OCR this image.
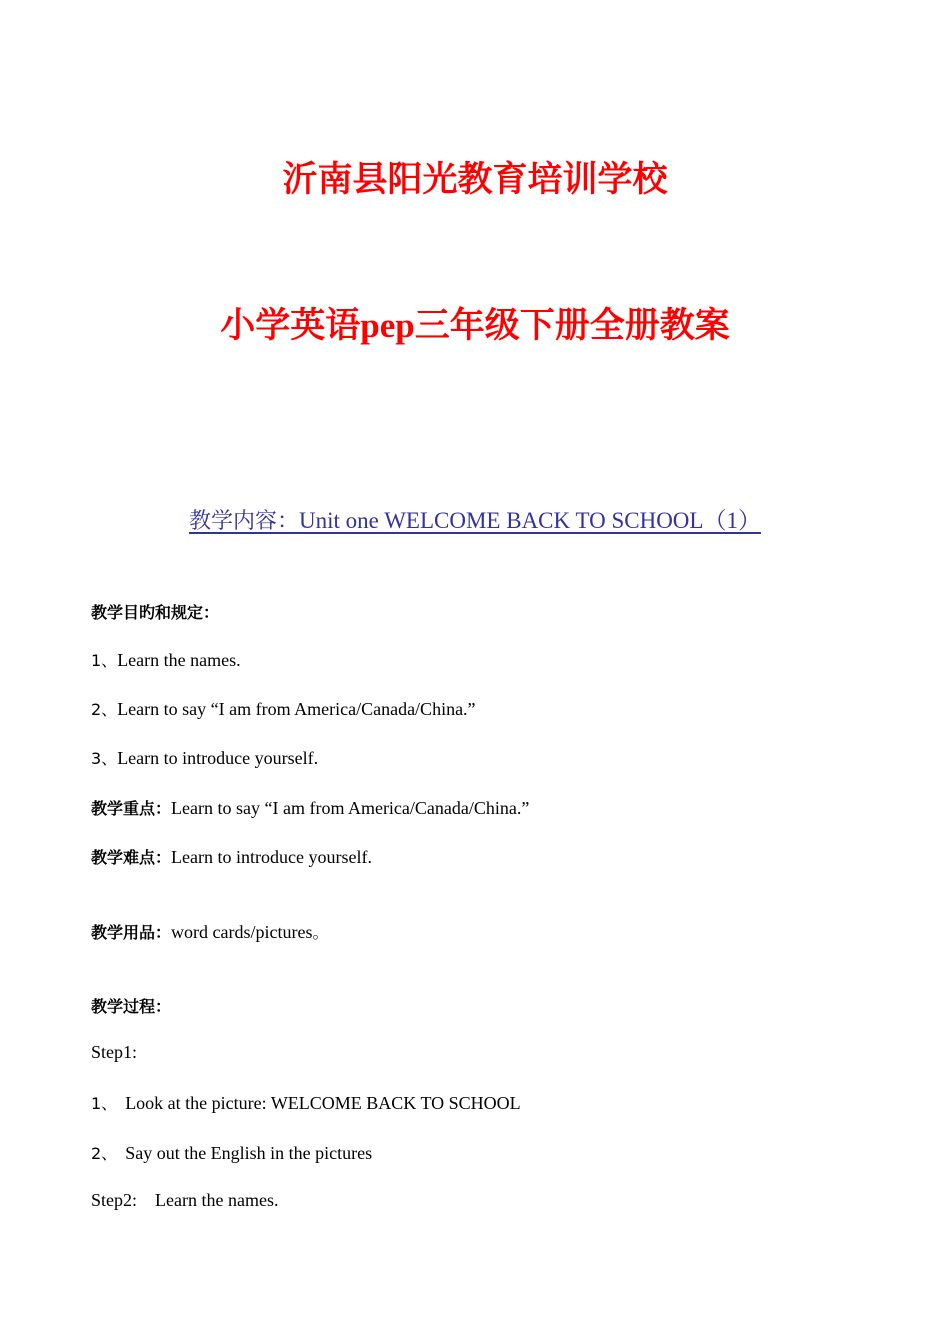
沂南县阳光教育培训学校
小学英语pep三年级下册全册教案
教学内容：Unit one WELCOME BACK TO SCHOOL（1）
教学目旳和规定：
1、Learn the names.
2、Learn to say “I am from America/Canada/China.”
3、Learn to introduce yourself.
教学重点：Learn to say “I am from America/Canada/China.”
教学难点：Learn to introduce yourself.
教学用品：word cards/pictures。
教学过程：
Step1:
1、 Look at the picture: WELCOME BACK TO SCHOOL
2、 Say out the English in the pictures
Step2: Learn the names.
